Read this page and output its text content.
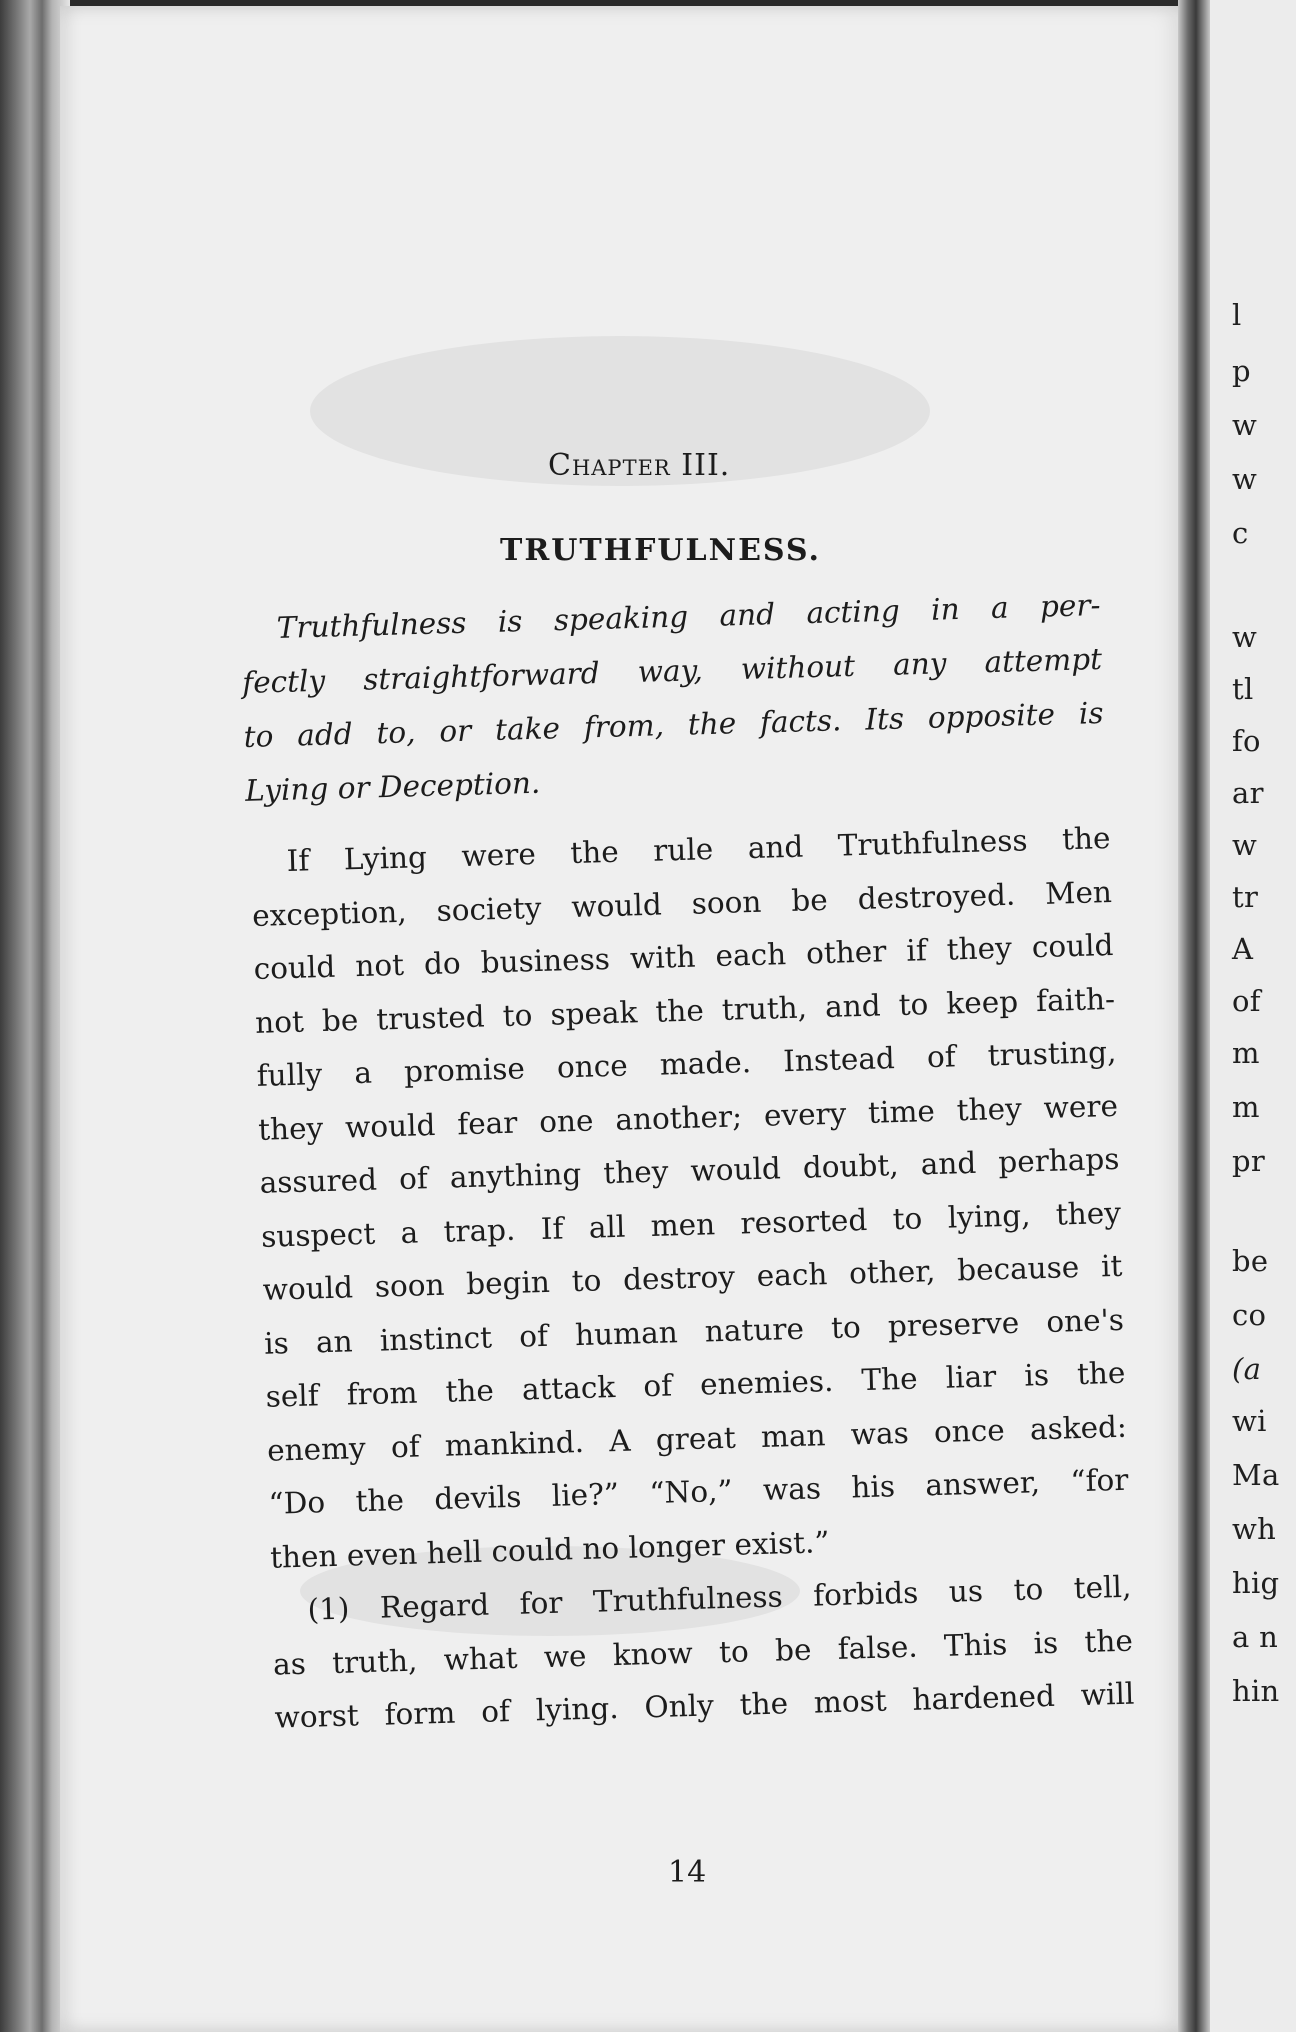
Chapter III.
TRUTHFULNESS.
Truthfulness is speaking and acting in a per-
fectly straightforward way, without any attempt
to add to, or take from, the facts. Its opposite is
Lying or Deception.
If Lying were the rule and Truthfulness the
exception, society would soon be destroyed. Men
could not do business with each other if they could
not be trusted to speak the truth, and to keep faith-
fully a promise once made. Instead of trusting,
they would fear one another; every time they were
assured of anything they would doubt, and perhaps
suspect a trap. If all men resorted to lying, they
would soon begin to destroy each other, because it
is an instinct of human nature to preserve one's
self from the attack of enemies. The liar is the
enemy of mankind. A great man was once asked:
“Do the devils lie?” “No,” was his answer, “for
then even hell could no longer exist.”
(1) Regard for Truthfulness forbids us to tell,
as truth, what we know to be false. This is the
worst form of lying. Only the most hardened will
14
l
p
w
w
c
w
tl
fo
ar
w
tr
A
of
m
m
pr
be
co
(a
wi
Ma
wh
hig
a n
hin
